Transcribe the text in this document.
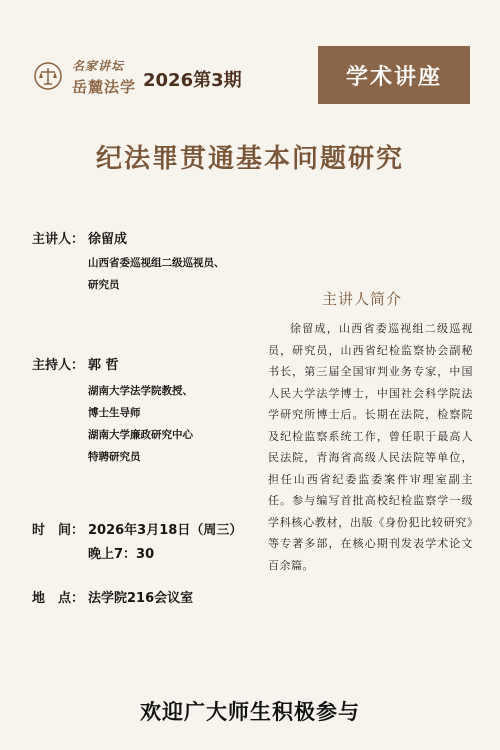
名家讲坛
岳麓法学 2026第3期	学术讲座
纪法罪贯通基本问题研究
主讲人： 徐留成
山西省委巡视组二级巡视员、
研究员
主持人： 郭 哲
湖南大学法学院教授、
博士生导师
湖南大学廉政研究中心
特聘研究员
时　间： 2026年3月18日（周三）
晚上7：30
地　点： 法学院216会议室
主讲人简介
徐留成，山西省委巡视组二级巡视员，研究员，山西省纪检监察协会副秘书长，第三届全国审判业务专家，中国人民大学法学博士，中国社会科学院法学研究所博士后。长期在法院，检察院及纪检监察系统工作，曾任职于最高人民法院，青海省高级人民法院等单位，担任山西省纪委监委案件审理室副主任。参与编写首批高校纪检监察学一级学科核心教材，出版《身份犯比较研究》等专著多部，在核心期刊发表学术论文百余篇。
欢迎广大师生积极参与
